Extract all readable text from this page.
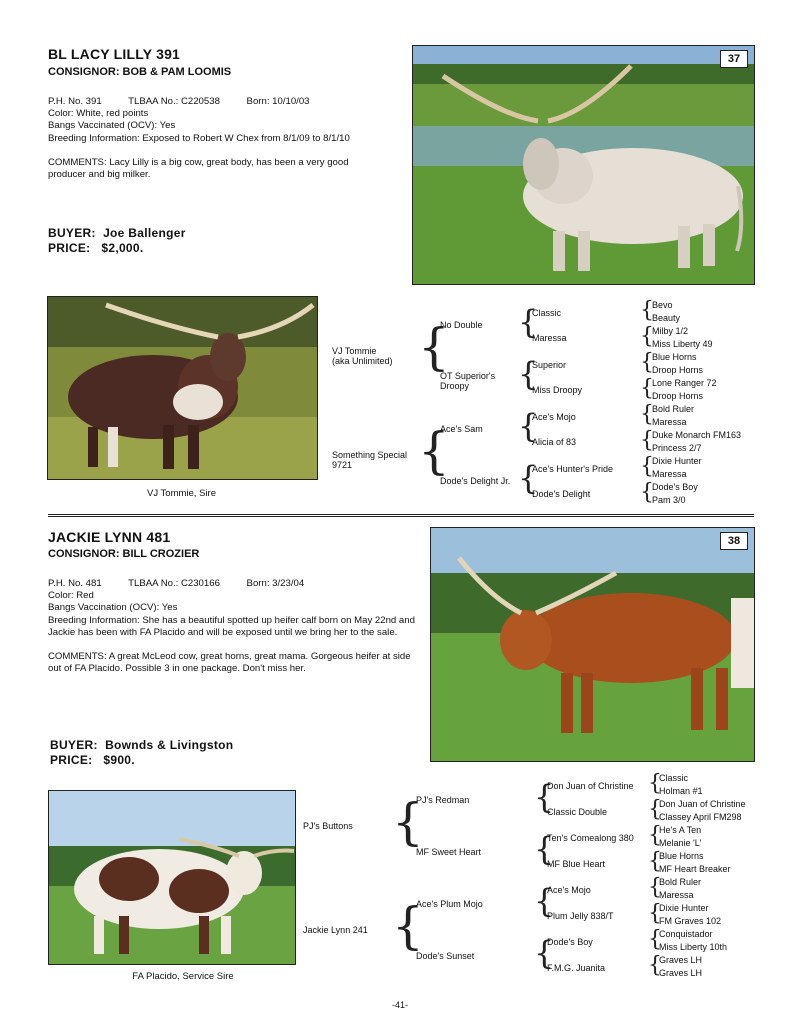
BL LACY LILLY 391
CONSIGNOR: BOB & PAM LOOMIS
P.H. No. 391          TLBAA No.: C220538          Born: 10/10/03
Color: White, red points
Bangs Vaccinated (OCV): Yes
Breeding Information: Exposed to Robert W Chex from 8/1/09 to 8/1/10
COMMENTS: Lacy Lilly is a big cow, great body, has been a very good producer and big milker.
BUYER:  Joe Ballenger
PRICE:   $2,000.
37
VJ Tommie, Sire
VJ Tommie
(aka Unlimited)
Something Special
9721
{
{
No Double
OT Superior's
Droopy
Ace's Sam
Dode's Delight Jr.
{
{
{
{
Classic
Maressa
Superior
Miss Droopy
Ace's Mojo
Alicia of 83
Ace's Hunter's Pride
Dode's Delight
{
{
{
{
{
{
{
{
Bevo
Beauty
Milby 1/2
Miss Liberty 49
Blue Horns
Droop Horns
Lone Ranger 72
Droop Horns
Bold Ruler
Maressa
Duke Monarch FM163
Princess 2/7
Dixie Hunter
Maressa
Dode's Boy
Pam 3/0
JACKIE LYNN 481
CONSIGNOR: BILL CROZIER
P.H. No. 481          TLBAA No.: C230166          Born: 3/23/04
Color: Red
Bangs Vaccination (OCV): Yes
Breeding Information: She has a beautiful spotted up heifer calf born on May 22nd and Jackie has been with FA Placido and will be exposed until we bring her to the sale.
COMMENTS: A great McLeod cow, great horns, great mama. Gorgeous heifer at side out of FA Placido. Possible 3 in one package. Don't miss her.
BUYER:  Bownds & Livingston
PRICE:   $900.
38
FA Placido, Service Sire
PJ's Buttons
Jackie Lynn 241
{
{
PJ's Redman
MF Sweet Heart
Ace's Plum Mojo
Dode's Sunset
{
{
{
{
Don Juan of Christine
Classic Double
Ten's Comealong 380
MF Blue Heart
Ace's Mojo
Plum Jelly 838/T
Dode's Boy
F.M.G. Juanita
{
{
{
{
{
{
{
{
Classic
Holman #1
Don Juan of Christine
Classey April FM298
He's A Ten
Melanie 'L'
Blue Horns
MF Heart Breaker
Bold Ruler
Maressa
Dixie Hunter
FM Graves 102
Conquistador
Miss Liberty 10th
Graves LH
Graves LH
-41-
